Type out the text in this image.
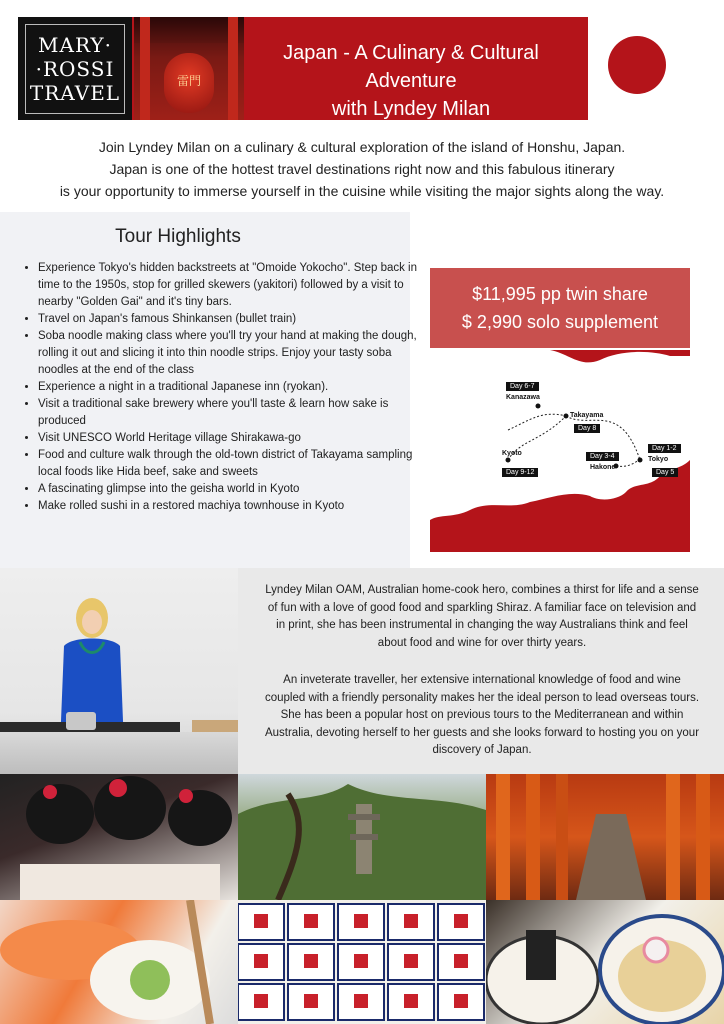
MARY·
·ROSSI
TRAVEL	雷門
Japan - A Culinary & Cultural Adventure
with Lyndey Milan
Join Lyndey Milan on a culinary & cultural exploration of the island of Honshu, Japan.
Japan is one of the hottest travel destinations right now and this fabulous itinerary
is your opportunity to immerse yourself in the cuisine while visiting the major sights along the way.
Tour Highlights
• Experience Tokyo's hidden backstreets at "Omoide Yokocho". Step back in time to the 1950s, stop for grilled skewers (yakitori) followed by a visit to nearby "Golden Gai" and it's tiny bars.
• Travel on Japan's famous Shinkansen (bullet train)
• Soba noodle making class where you'll try your hand at making the dough, rolling it out and slicing it into thin noodle strips. Enjoy your tasty soba noodles at the end of the class
• Experience a night in a traditional Japanese inn (ryokan).
• Visit a traditional sake brewery where you'll taste & learn how sake is produced
• Visit UNESCO World Heritage village Shirakawa-go
• Food and culture walk through the old-town district of Takayama sampling local foods like Hida beef, sake and sweets
• A fascinating glimpse into the geisha world in Kyoto
• Make rolled sushi in a restored machiya townhouse in Kyoto
$11,995 pp twin share
$ 2,990 solo supplement
Day 6-7
Kanazawa
Takayama
Day 8
Kyoto
Day 9-12
Day 3-4
Hakone
Day 1-2
Tokyo
Day 5

Lyndey Milan OAM, Australian home-cook hero, combines a thirst for life and a sense of fun with a love of good food and sparkling Shiraz. A familiar face on television and in print, she has been instrumental in changing the way Australians think and feel about food and wine for over thirty years.

An inveterate traveller, her extensive international knowledge of food and wine coupled with a friendly personality makes her the ideal person to lead overseas tours. She has been a popular host on previous tours to the Mediterranean and within Australia, devoting herself to her guests and she looks forward to hosting you on your discovery of Japan.
